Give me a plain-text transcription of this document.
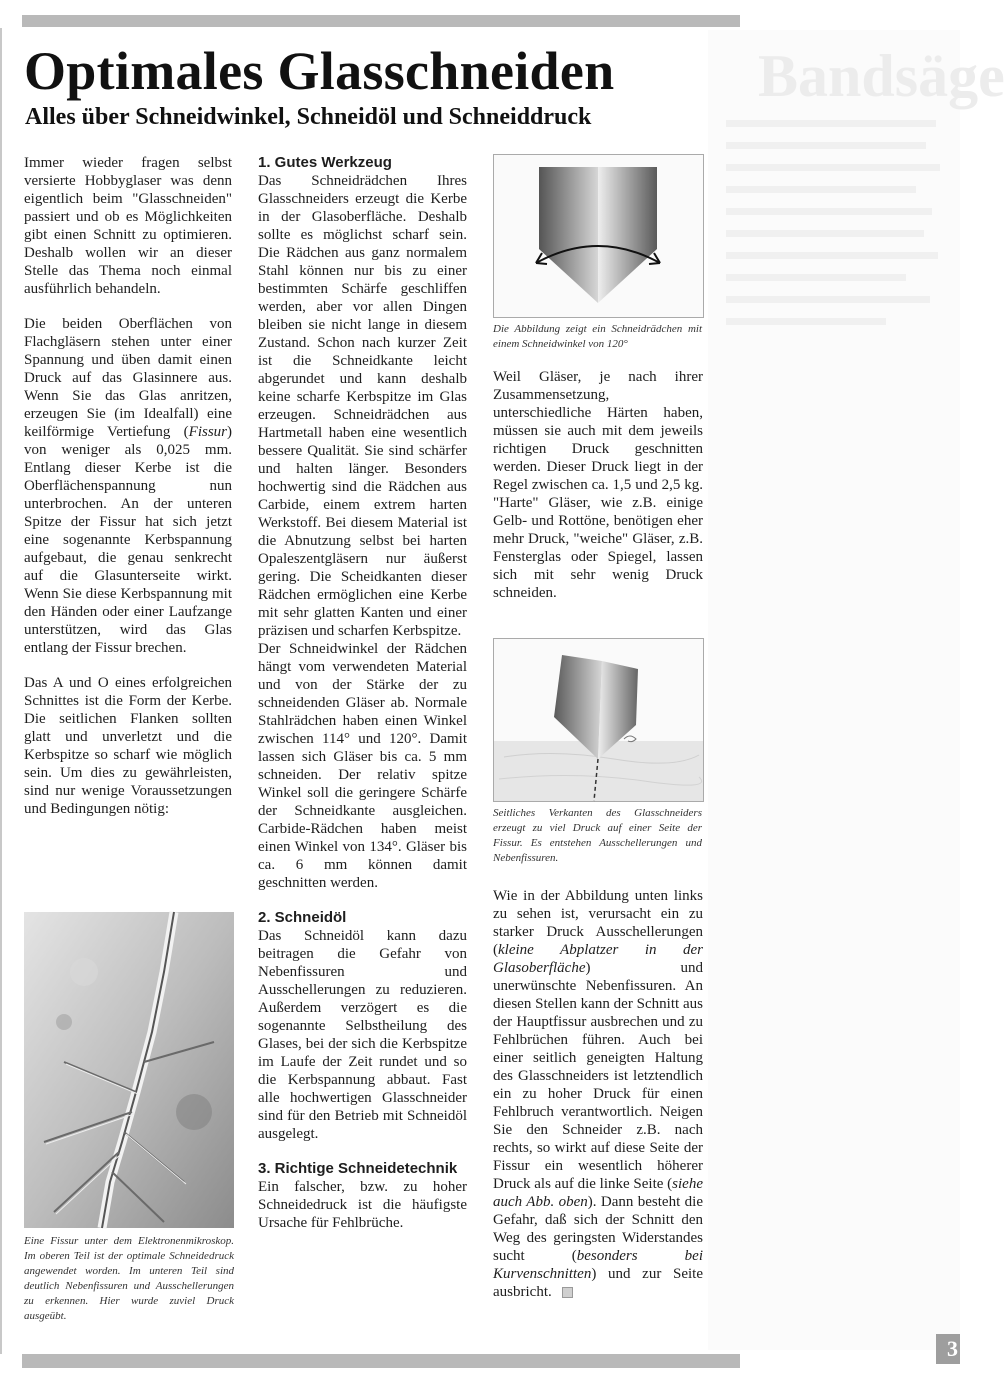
Bandsäge
Optimales Glasschneiden
Alles über Schneidwinkel, Schneidöl und Schneiddruck

Immer wieder fragen selbst versierte Hobbyglaser was denn eigentlich beim "Glasschneiden" passiert und ob es Möglichkeiten gibt einen Schnitt zu optimieren. Deshalb wollen wir an dieser Stelle das Thema noch einmal ausführlich behandeln.

Die beiden Oberflächen von Flachgläsern stehen unter einer Spannung und üben damit einen Druck auf das Glasinnere aus. Wenn Sie das Glas anritzen, erzeugen Sie (im Idealfall) eine keilförmige Vertiefung (Fissur) von weniger als 0,025 mm. Entlang dieser Kerbe ist die Oberflächenspannung nun unterbrochen. An der unteren Spitze der Fissur hat sich jetzt eine sogenannte Kerbspannung aufgebaut, die genau senkrecht auf die Glasunterseite wirkt. Wenn Sie diese Kerbspannung mit den Händen oder einer Laufzange unterstützen, wird das Glas entlang der Fissur brechen.

Das A und O eines erfolgreichen Schnittes ist die Form der Kerbe. Die seitlichen Flanken sollten glatt und unverletzt und die Kerbspitze so scharf wie möglich sein. Um dies zu gewährleisten, sind nur wenige Voraussetzungen und Bedingungen nötig:

Eine Fissur unter dem Elektronenmikroskop. Im oberen Teil ist der optimale Schneidedruck angewendet worden. Im unteren Teil sind deutlich Nebenfissuren und Ausschellerungen zu erkennen. Hier wurde zuviel Druck ausgeübt.
1. Gutes Werkzeug

Das Schneidrädchen Ihres Glasschneiders erzeugt die Kerbe in der Glasoberfläche. Deshalb sollte es möglichst scharf sein. Die Rädchen aus ganz normalem Stahl können nur bis zu einer bestimmten Schärfe geschliffen werden, aber vor allen Dingen bleiben sie nicht lange in diesem Zustand. Schon nach kurzer Zeit ist die Schneidkante leicht abgerundet und kann deshalb keine scharfe Kerbspitze im Glas erzeugen. Schneidrädchen aus Hartmetall haben eine wesentlich bessere Qualität. Sie sind schärfer und halten länger. Besonders hochwertig sind die Rädchen aus Carbide, einem extrem harten Werkstoff. Bei diesem Material ist die Abnutzung selbst bei harten Opaleszentgläsern nur äußerst gering. Die Scheidkanten dieser Rädchen ermöglichen eine Kerbe mit sehr glatten Kanten und einer präzisen und scharfen Kerbspitze.

Der Schneidwinkel der Rädchen hängt vom verwendeten Material und von der Stärke der zu schneidenden Gläser ab. Normale Stahlrädchen haben einen Winkel zwischen 114° und 120°. Damit lassen sich Gläser bis ca. 5 mm schneiden. Der relativ spitze Winkel soll die geringere Schärfe der Schneidkante ausgleichen. Carbide-Rädchen haben meist einen Winkel von 134°. Gläser bis ca. 6 mm können damit geschnitten werden.

2. Schneidöl

Das Schneidöl kann dazu beitragen die Gefahr von Nebenfissuren und Ausschellerungen zu reduzieren. Außerdem verzögert es die sogenannte Selbstheilung des Glases, bei der sich die Kerbspitze im Laufe der Zeit rundet und so die Kerbspannung abbaut. Fast alle hochwertigen Glasschneider sind für den Betrieb mit Schneidöl ausgelegt.

3. Richtige Schneidetechnik

Ein falscher, bzw. zu hoher Schneidedruck ist die häufigste Ursache für Fehlbrüche.

Die Abbildung zeigt ein Schneidrädchen mit einem Schneidwinkel von 120°

Weil Gläser, je nach ihrer Zusammensetzung, unterschiedliche Härten haben, müssen sie auch mit dem jeweils richtigen Druck geschnitten werden. Dieser Druck liegt in der Regel zwischen ca. 1,5 und 2,5 kg. "Harte" Gläser, wie z.B. einige Gelb- und Rottöne, benötigen eher mehr Druck, "weiche" Gläser, z.B. Fensterglas oder Spiegel, lassen sich mit sehr wenig Druck schneiden.

Seitliches Verkanten des Glasschneiders erzeugt zu viel Druck auf einer Seite der Fissur. Es entstehen Ausschellerungen und Nebenfissuren.

Wie in der Abbildung unten links zu sehen ist, verursacht ein zu starker Druck Ausschellerungen (kleine Abplatzer in der Glasoberfläche) und unerwünschte Nebenfissuren. An diesen Stellen kann der Schnitt aus der Hauptfissur ausbrechen und zu Fehlbrüchen führen. Auch bei einer seitlich geneigten Haltung des Glasschneiders ist letztendlich ein zu hoher Druck für einen Fehlbruch verantwortlich. Neigen Sie den Schneider z.B. nach rechts, so wirkt auf diese Seite der Fissur ein wesentlich höherer Druck als auf die linke Seite (siehe auch Abb. oben). Dann besteht die Gefahr, daß sich der Schnitt den Weg des geringsten Widerstandes sucht (besonders bei Kurvenschnitten) und zur Seite ausbricht.

3
